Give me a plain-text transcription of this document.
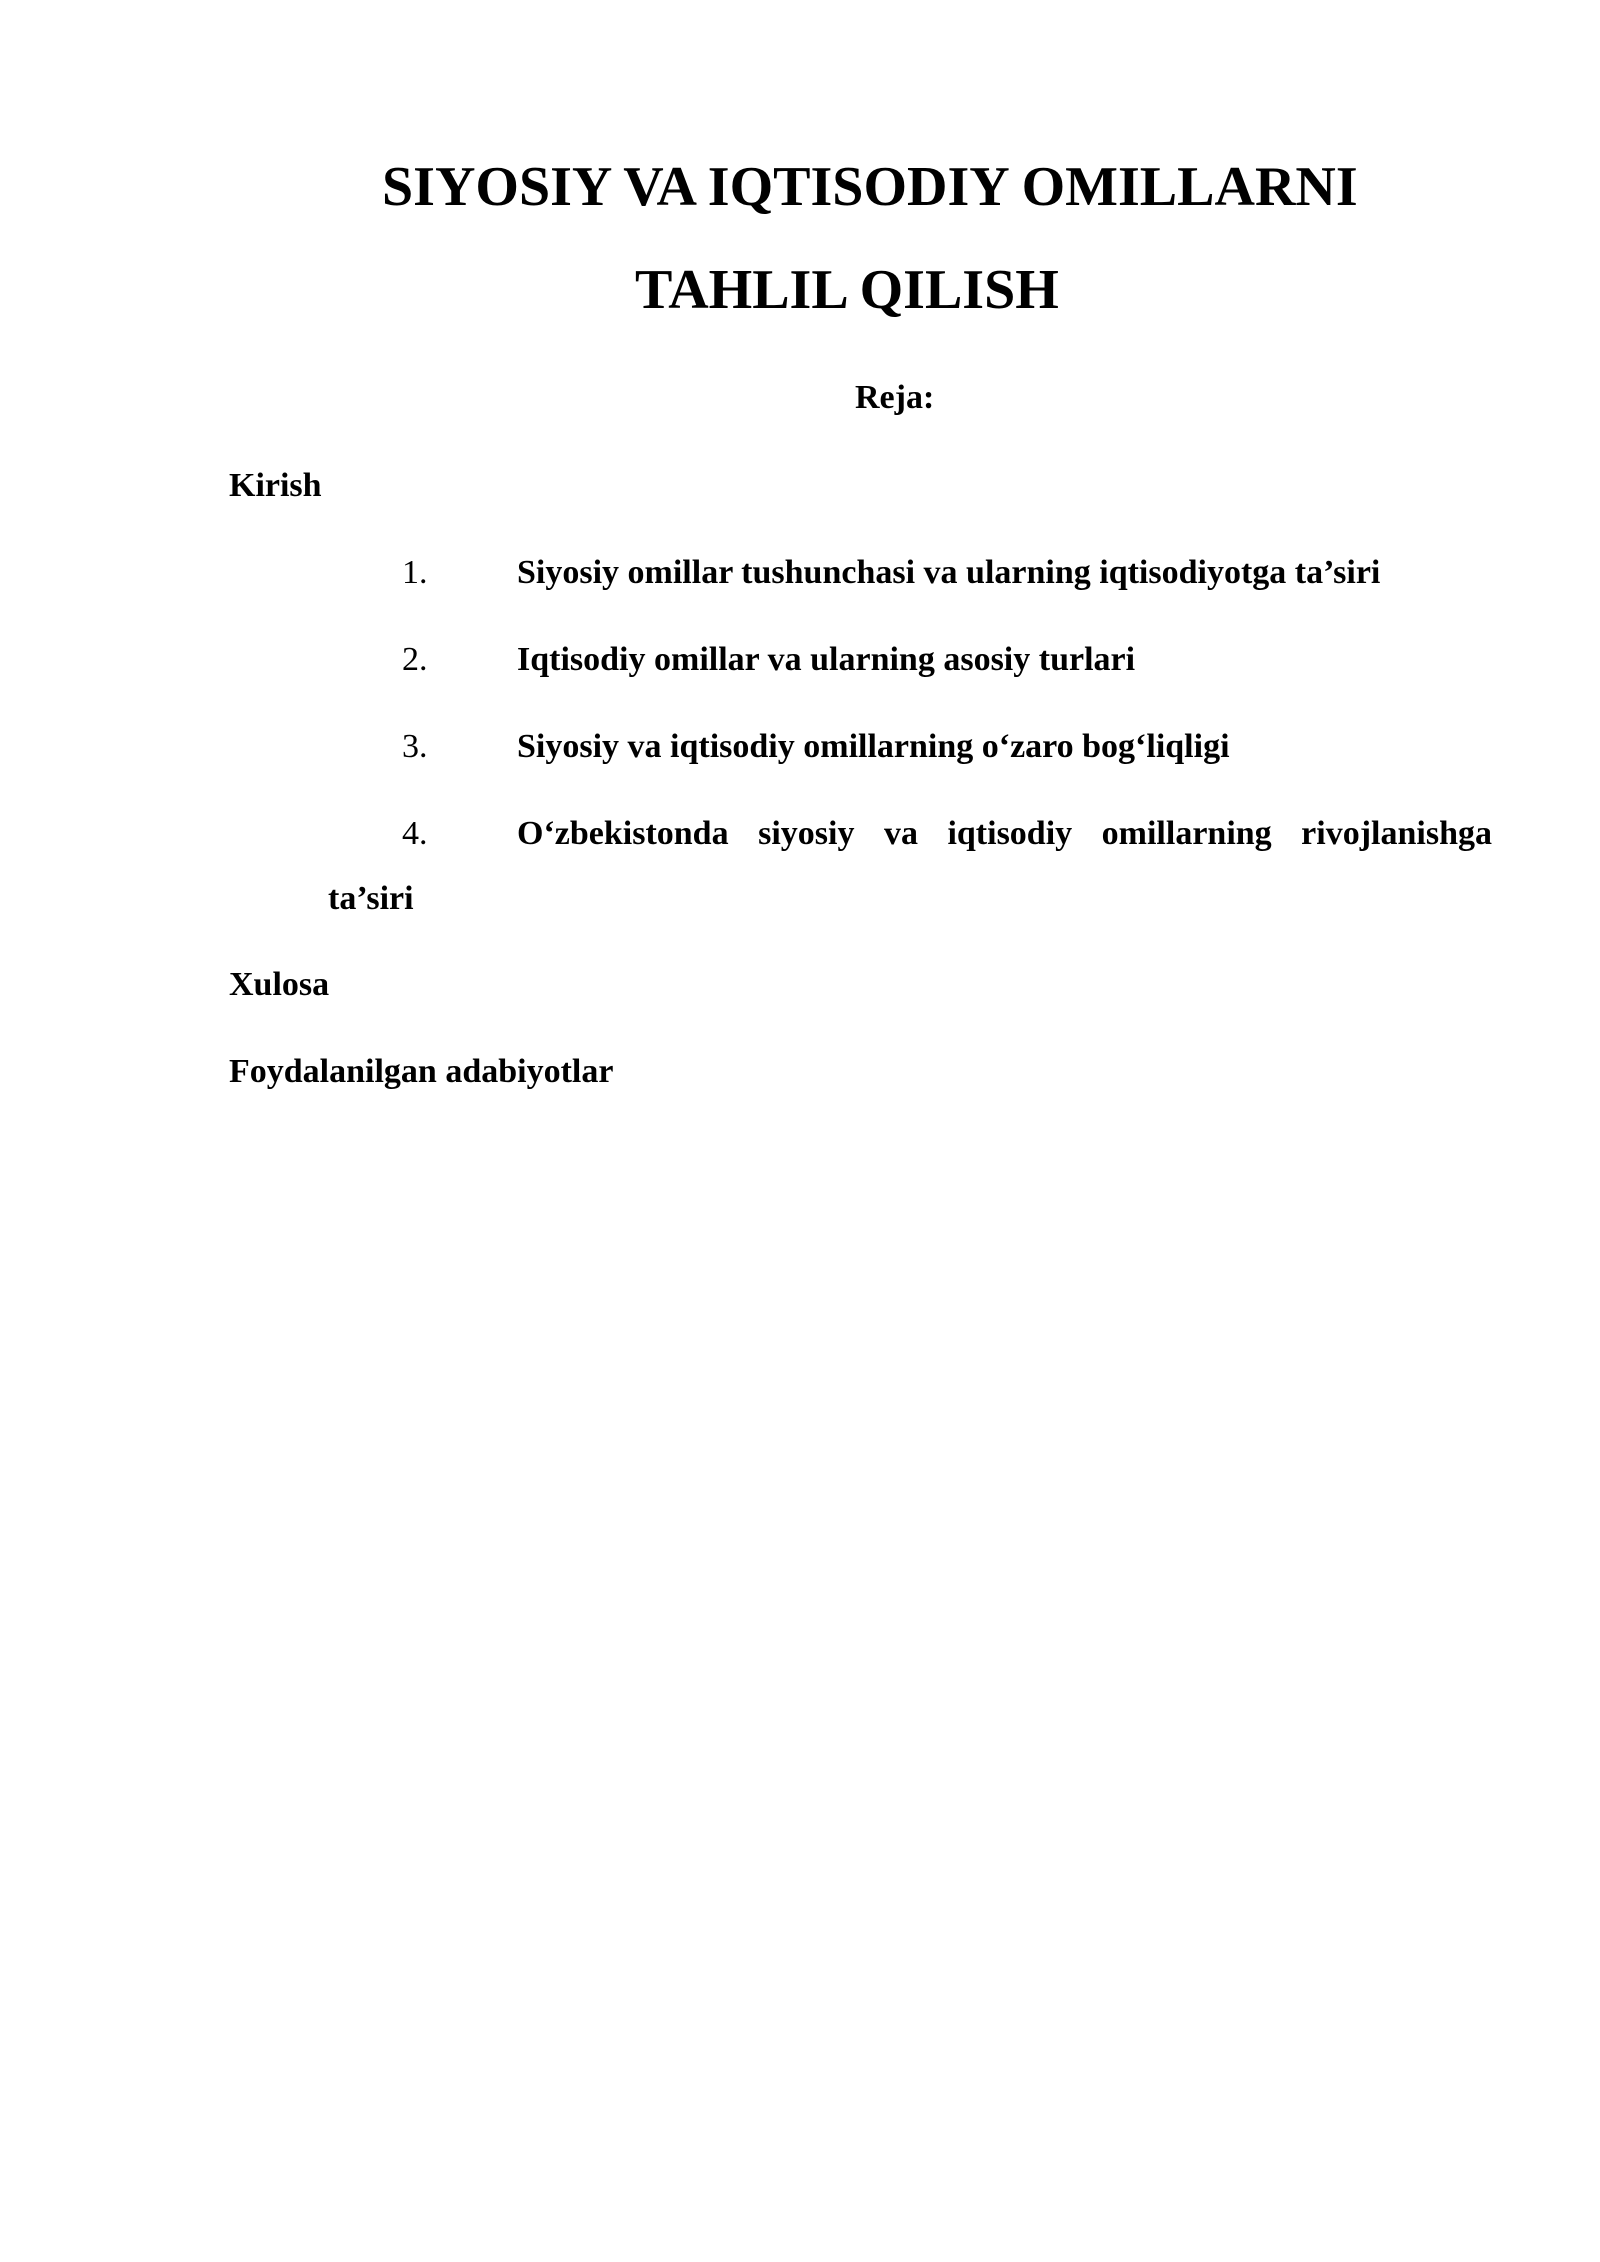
SIYOSIY VA IQTISODIY OMILLARNI
TAHLIL QILISH
Reja:
Kirish
1.	Siyosiy omillar tushunchasi va ularning iqtisodiyotga ta’siri
2.	Iqtisodiy omillar va ularning asosiy turlari
3.	Siyosiy va iqtisodiy omillarning o‘zaro bog‘liqligi
4.	O‘zbekistonda siyosiy va iqtisodiy omillarning rivojlanishga
ta’siri
Xulosa
Foydalanilgan adabiyotlar
